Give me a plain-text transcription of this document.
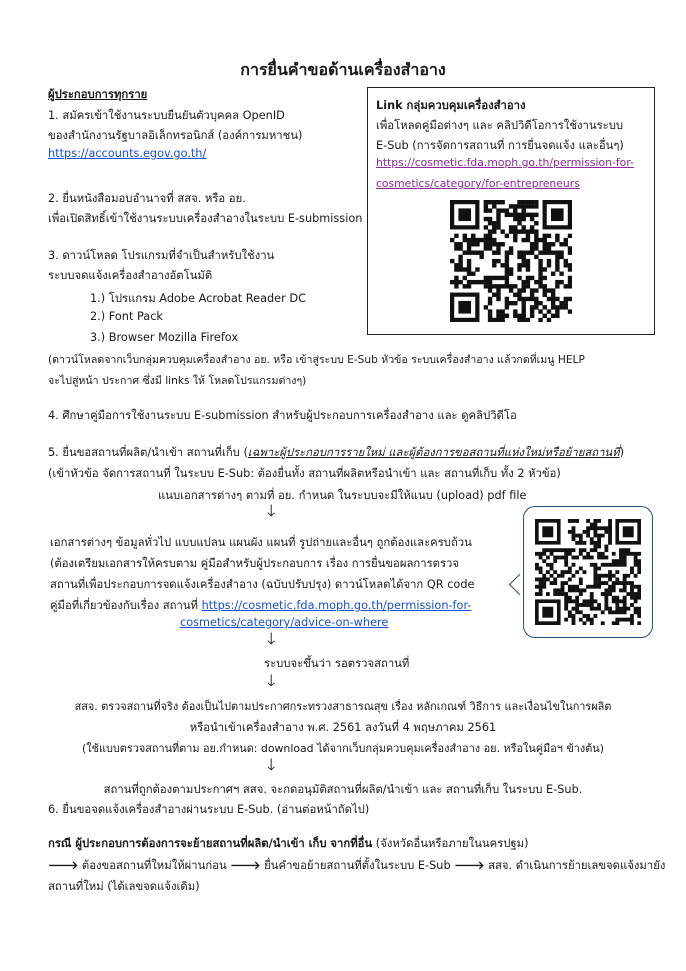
การยื่นคำขอด้านเครื่องสำอาง
ผู้ประกอบการทุกราย
1. สมัครเข้าใช้งานระบบยืนยันตัวบุคคล OpenID
ของสำนักงานรัฐบาลอิเล็กทรอนิกส์ (องค์การมหาชน)
https://accounts.egov.go.th/
2. ยื่นหนังสือมอบอำนาจที่ สสจ. หรือ อย.
เพื่อเปิดสิทธิ์เข้าใช้งานระบบเครื่องสำอางในระบบ E-submission
3. ดาวน์โหลด โปรแกรมที่จำเป็นสำหรับใช้งาน
ระบบจดแจ้งเครื่องสำอางอัตโนมัติ
1.) โปรแกรม Adobe Acrobat Reader DC
2.) Font Pack
3.) Browser Mozilla Firefox
(ดาวน์โหลดจากเว็บกลุ่มควบคุมเครื่องสำอาง อย. หรือ เข้าสู่ระบบ E-Sub หัวข้อ ระบบเครื่องสำอาง แล้วกดที่เมนู HELP
จะไปสู่หน้า ประกาศ ซึ่งมี links ให้ โหลดโปรแกรมต่างๆ)
Link กลุ่มควบคุมเครื่องสำอาง
เพื่อโหลดคู่มือต่างๆ และ คลิปวิดีโอการใช้งานระบบ
E-Sub (การจัดการสถานที่ การยื่นจดแจ้ง และอื่นๆ)
https://cosmetic.fda.moph.go.th/permission-for-
cosmetics/category/for-entrepreneurs
4. ศึกษาคู่มือการใช้งานระบบ E-submission สำหรับผู้ประกอบการเครื่องสำอาง และ ดูคลิปวิดีโอ
5. ยื่นขอสถานที่ผลิต/นำเข้า สถานที่เก็บ (เฉพาะผู้ประกอบการรายใหม่ และผู้ต้องการขอสถานที่แห่งใหม่หรือย้ายสถานที่)
(เข้าหัวข้อ จัดการสถานที่ ในระบบ E-Sub: ต้องยื่นทั้ง สถานที่ผลิตหรือนำเข้า และ สถานที่เก็บ ทั้ง 2 หัวข้อ)
แนบเอกสารต่างๆ ตามที่ อย. กำหนด ในระบบจะมีให้แนบ (upload) pdf file
🡓
เอกสารต่างๆ ข้อมูลทั่วไป แบบแปลน แผนผัง แผนที่ รูปถ่ายและอื่นๆ ถูกต้องและครบถ้วน
(ต้องเตรียมเอกสารให้ครบตาม คู่มือสำหรับผู้ประกอบการ เรื่อง การยื่นขอผลการตรวจ
สถานที่เพื่อประกอบการจดแจ้งเครื่องสำอาง (ฉบับปรับปรุง) ดาวน์โหลดได้จาก QR code
คู่มือที่เกี่ยวข้องกับเรื่อง สถานที่ https://cosmetic.fda.moph.go.th/permission-for-
cosmetics/category/advice-on-where
🡓
ระบบจะขึ้นว่า รอตรวจสถานที่
🡓
สสจ. ตรวจสถานที่จริง ต้องเป็นไปตามประกาศกระทรวงสาธารณสุข เรื่อง หลักเกณฑ์ วิธีการ และเงื่อนไขในการผลิต
หรือนำเข้าเครื่องสำอาง พ.ศ. 2561 ลงวันที่ 4 พฤษภาคม 2561
(ใช้แบบตรวจสถานที่ตาม อย.กำหนด: download ได้จากเว็บกลุ่มควบคุมเครื่องสำอาง อย. หรือในคู่มือฯ ข้างต้น)
🡓
สถานที่ถูกต้องตามประกาศฯ สสจ. จะกดอนุมัติสถานที่ผลิต/นำเข้า และ สถานที่เก็บ ในระบบ E-Sub.
6. ยื่นขอจดแจ้งเครื่องสำอางผ่านระบบ E-Sub. (อ่านต่อหน้าถัดไป)
กรณี ผู้ประกอบการต้องการจะย้ายสถานที่ผลิต/นำเข้า เก็บ จากที่อื่น (จังหวัดอื่นหรือภายในนครปฐม)
🡒 ต้องขอสถานที่ใหม่ให้ผ่านก่อน 🡒 ยื่นคำขอย้ายสถานที่ตั้งในระบบ E-Sub 🡒 สสจ. ดำเนินการย้ายเลขจดแจ้งมายัง
สถานที่ใหม่ (ได้เลขจดแจ้งเดิม)
